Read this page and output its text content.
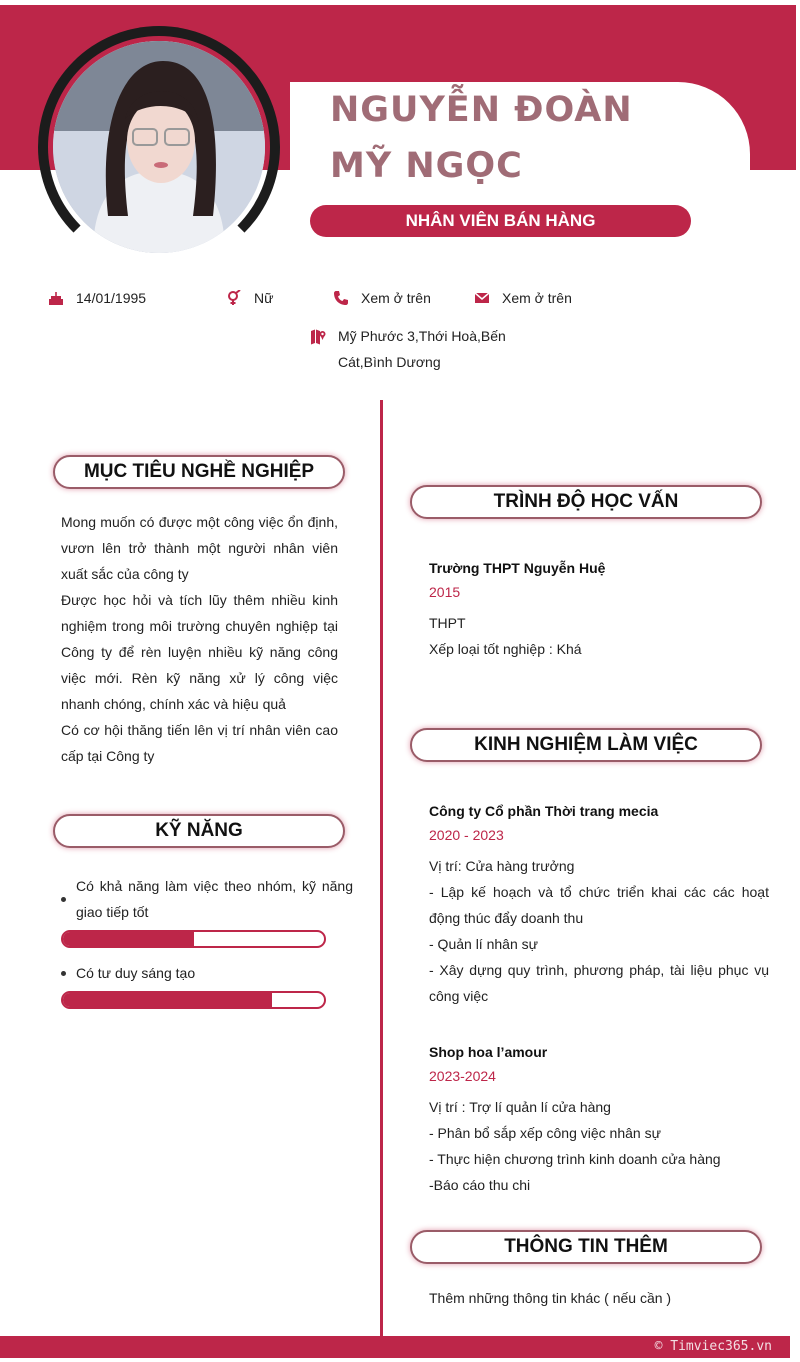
NGUYỄN ĐOÀN MỸ NGỌC
NHÂN VIÊN BÁN HÀNG
14/01/1995	Nữ	Xem ở trên	Xem ở trên
Mỹ Phước 3,Thới Hoà,Bến Cát,Bình Dương
MỤC TIÊU NGHỀ NGHIỆP

Mong muốn có được một công việc ổn định, vươn lên trở thành một người nhân viên xuất sắc của công ty

Được học hỏi và tích lũy thêm nhiều kinh nghiệm trong môi trường chuyên nghiệp tại Công ty để rèn luyện nhiều kỹ năng công việc mới. Rèn kỹ năng xử lý công việc nhanh chóng, chính xác và hiệu quả

Có cơ hội thăng tiến lên vị trí nhân viên cao cấp tại Công ty

KỸ NĂNG
Có khả năng làm việc theo nhóm, kỹ năng giao tiếp tốt
Có tư duy sáng tạo
TRÌNH ĐỘ HỌC VẤN
Trường THPT Nguyễn Huệ
2015

THPT

Xếp loại tốt nghiệp : Khá

KINH NGHIỆM LÀM VIỆC
Công ty Cổ phần Thời trang mecia
2020 - 2023

Vị trí: Cửa hàng trưởng

- Lập kế hoạch và tổ chức triển khai các các hoạt động thúc đẩy doanh thu

- Quản lí nhân sự

- Xây dựng quy trình, phương pháp, tài liệu phục vụ công việc

Shop hoa l’amour
2023-2024

Vị trí : Trợ lí quản lí cửa hàng

- Phân bổ sắp xếp công việc nhân sự

- Thực hiện chương trình kinh doanh cửa hàng

-Báo cáo thu chi

THÔNG TIN THÊM
Thêm những thông tin khác ( nếu cần )
© Timviec365.vn
